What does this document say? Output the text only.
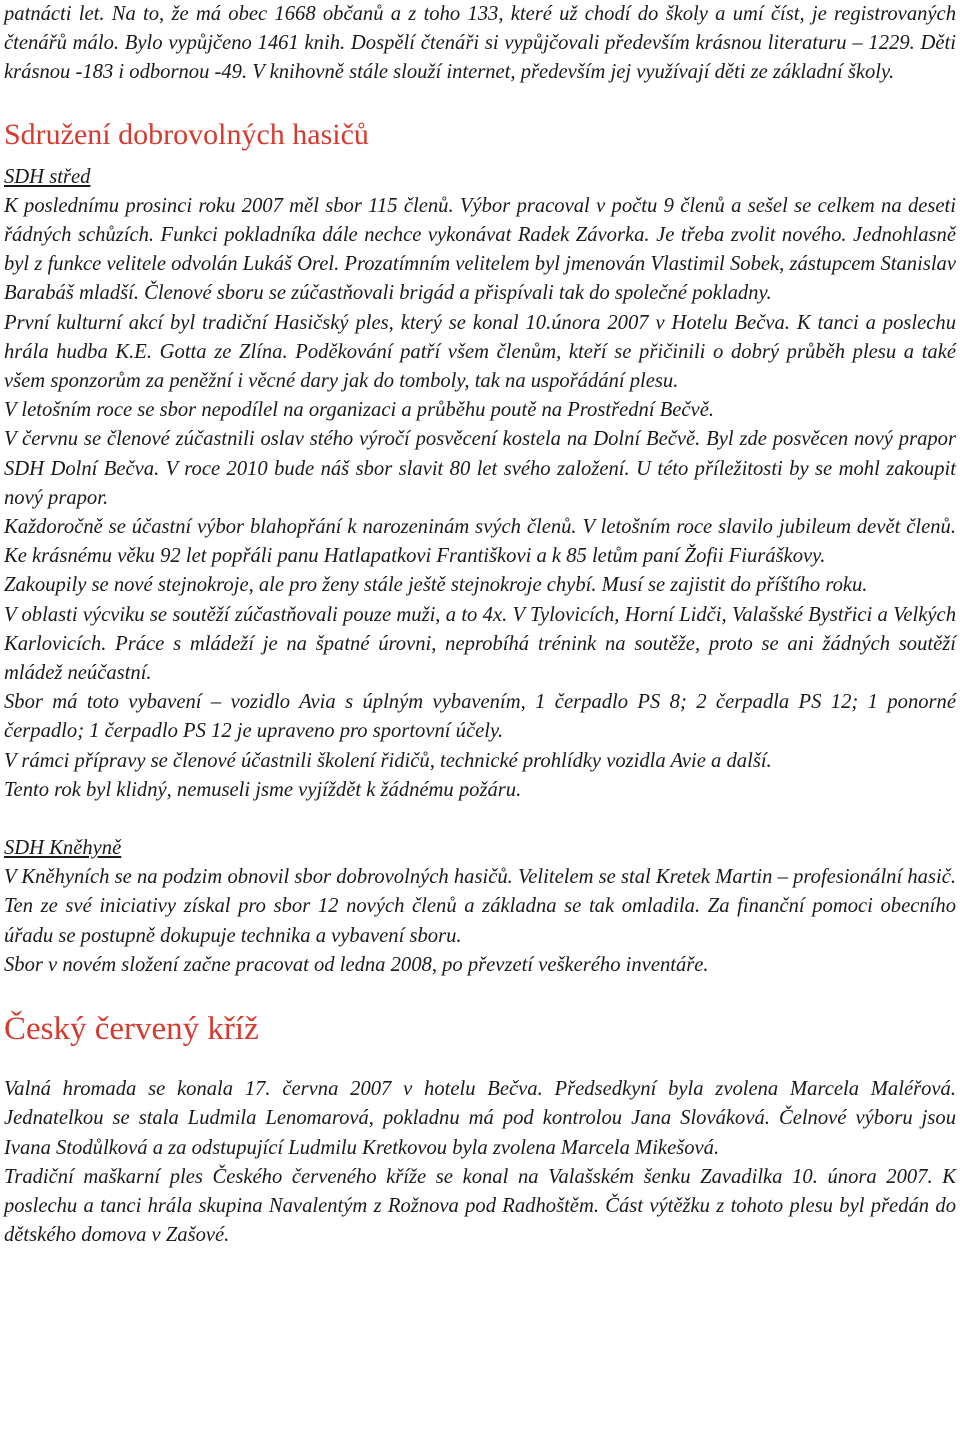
patnácti let. Na to, že má obec 1668 občanů a z toho 133, které už chodí do školy a umí číst, je registrovaných čtenářů málo. Bylo vypůjčeno 1461 knih. Dospělí čtenáři si vypůjčovali především krásnou literaturu – 1229. Děti krásnou -183 i odbornou -49. V knihovně stále slouží internet, především jej využívají děti ze základní školy.

Sdružení dobrovolných hasičů

SDH střed

K poslednímu prosinci roku 2007 měl sbor 115 členů. Výbor pracoval v počtu 9 členů a sešel se celkem na deseti řádných schůzích. Funkci pokladníka dále nechce vykonávat Radek Závorka. Je třeba zvolit nového. Jednohlasně byl z funkce velitele odvolán Lukáš Orel. Prozatímním velitelem byl jmenován Vlastimil Sobek, zástupcem Stanislav Barabáš mladší. Členové sboru se zúčastňovali brigád a přispívali tak do společné pokladny.

První kulturní akcí byl tradiční Hasičský ples, který se konal 10.února 2007 v Hotelu Bečva. K tanci a poslechu hrála hudba K.E. Gotta ze Zlína. Poděkování patří všem členům, kteří se přičinili o dobrý průběh plesu a také všem sponzorům za peněžní i věcné dary jak do tomboly, tak na uspořádání plesu.

V letošním roce se sbor nepodílel na organizaci a průběhu poutě na Prostřední Bečvě.

V červnu se členové zúčastnili oslav stého výročí posvěcení kostela na Dolní Bečvě. Byl zde posvěcen nový prapor SDH Dolní Bečva. V roce 2010 bude náš sbor slavit 80 let svého založení. U této příležitosti by se mohl zakoupit nový prapor.

Každoročně se účastní výbor blahopřání k narozeninám svých členů. V letošním roce slavilo jubileum devět členů. Ke krásnému věku 92 let popřáli panu Hatlapatkovi Františkovi a k 85 letům paní Žofii Fiuráškovy.

Zakoupily se nové stejnokroje, ale pro ženy stále ještě stejnokroje chybí. Musí se zajistit do příštího roku.

V oblasti výcviku se soutěží zúčastňovali pouze muži, a to 4x. V Tylovicích, Horní Lidči, Valašské Bystřici a Velkých Karlovicích. Práce s mládeží je na špatné úrovni, neprobíhá trénink na soutěže, proto se ani žádných soutěží mládež neúčastní.

Sbor má toto vybavení – vozidlo Avia s úplným vybavením, 1 čerpadlo PS 8; 2 čerpadla PS 12; 1 ponorné čerpadlo; 1 čerpadlo PS 12 je upraveno pro sportovní účely.

V rámci přípravy se členové účastnili školení řidičů, technické prohlídky vozidla Avie a další.

Tento rok byl klidný, nemuseli jsme vyjíždět k žádnému požáru.

SDH Kněhyně

V Kněhyních se na podzim obnovil sbor dobrovolných hasičů. Velitelem se stal Kretek Martin – profesionální hasič. Ten ze své iniciativy získal pro sbor 12 nových členů a základna se tak omladila. Za finanční pomoci obecního úřadu se postupně dokupuje technika a vybavení sboru.

Sbor v novém složení začne pracovat od ledna 2008, po převzetí veškerého inventáře.

Český červený kříž

Valná hromada se konala 17. června 2007 v hotelu Bečva. Předsedkyní byla zvolena Marcela Maléřová. Jednatelkou se stala Ludmila Lenomarová, pokladnu má pod kontrolou Jana Slováková. Čelnové výboru jsou Ivana Stodůlková a za odstupující Ludmilu Kretkovou byla zvolena Marcela Mikešová.

Tradiční maškarní ples Českého červeného kříže se konal na Valašském šenku Zavadilka 10. února 2007. K poslechu a tanci hrála skupina Navalentým z Rožnova pod Radhoštěm. Část výtěžku z tohoto plesu byl předán do dětského domova v Zašové.
